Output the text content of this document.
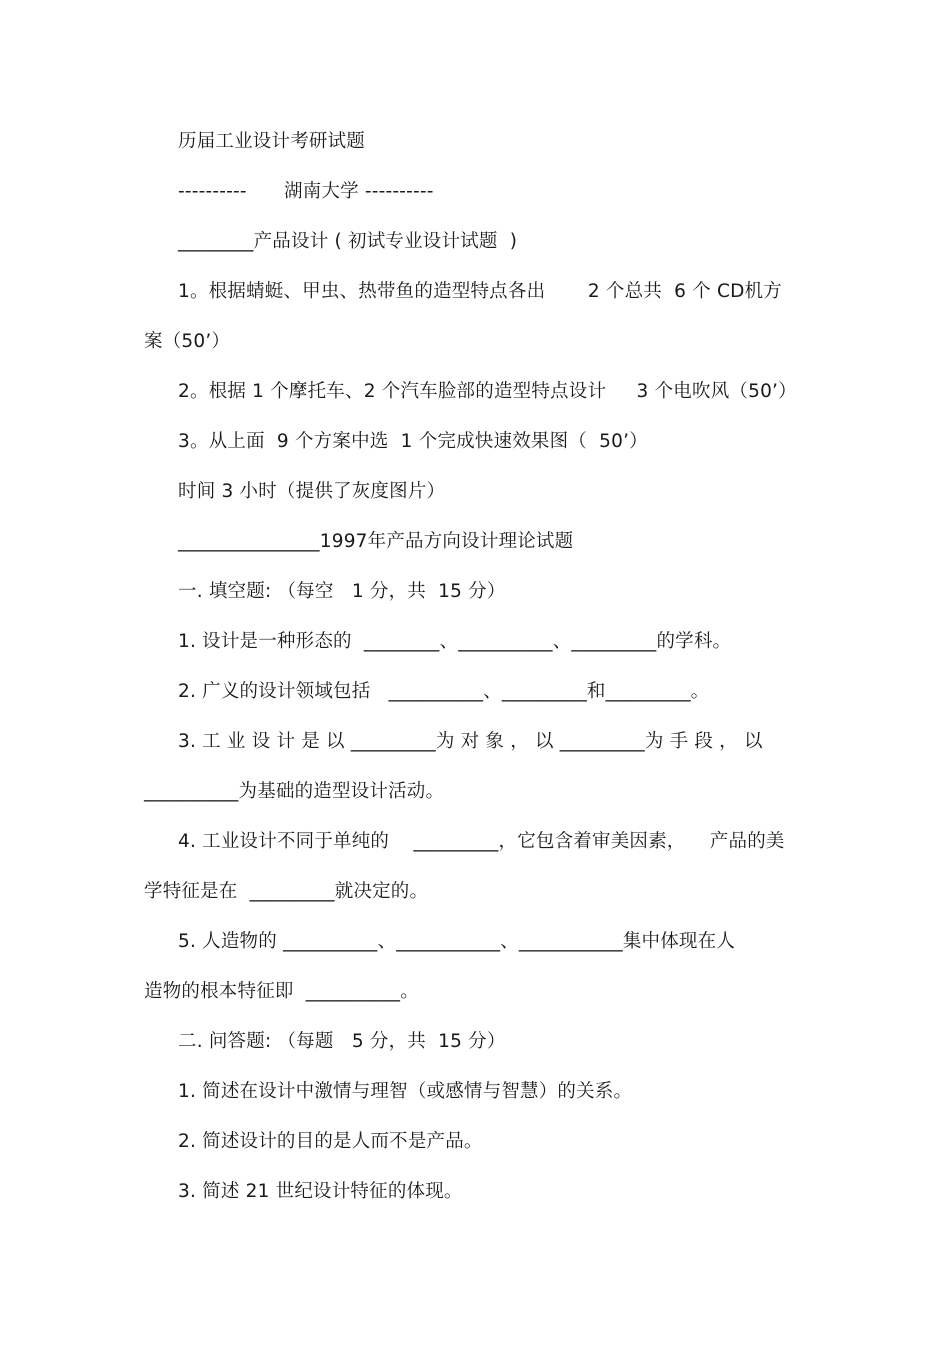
历届工业设计考研试题
---------- 湖南大学 ----------
________产品设计 ( 初试专业设计试题  )
1。根据蜻蜓、甲虫、热带鱼的造型特点各出       2 个总共  6 个 CD机方
案（50’）
2。根据 1 个摩托车、2 个汽车脸部的造型特点设计     3 个电吹风（50’）
3。从上面  9 个方案中选  1 个完成快速效果图（  50’）
时间 3 小时（提供了灰度图片）
_______________1997年产品方向设计理论试题
一. 填空题: （每空   1 分，共  15 分）
1. 设计是一种形态的  ________、__________、_________的学科。
2. 广义的设计领域包括   __________、_________和_________。
3. 工 业 设 计 是 以 _________为 对 象 ， 以 _________为 手 段 ， 以
__________为基础的造型设计活动。
4. 工业设计不同于单纯的    _________，它包含着审美因素，    产品的美
学特征是在  _________就决定的。
5. 人造物的 __________、___________、___________集中体现在人
造物的根本特征即  __________。
二. 问答题: （每题   5 分，共  15 分）
1. 简述在设计中激情与理智（或感情与智慧）的关系。
2. 简述设计的目的是人而不是产品。
3. 简述 21 世纪设计特征的体现。
